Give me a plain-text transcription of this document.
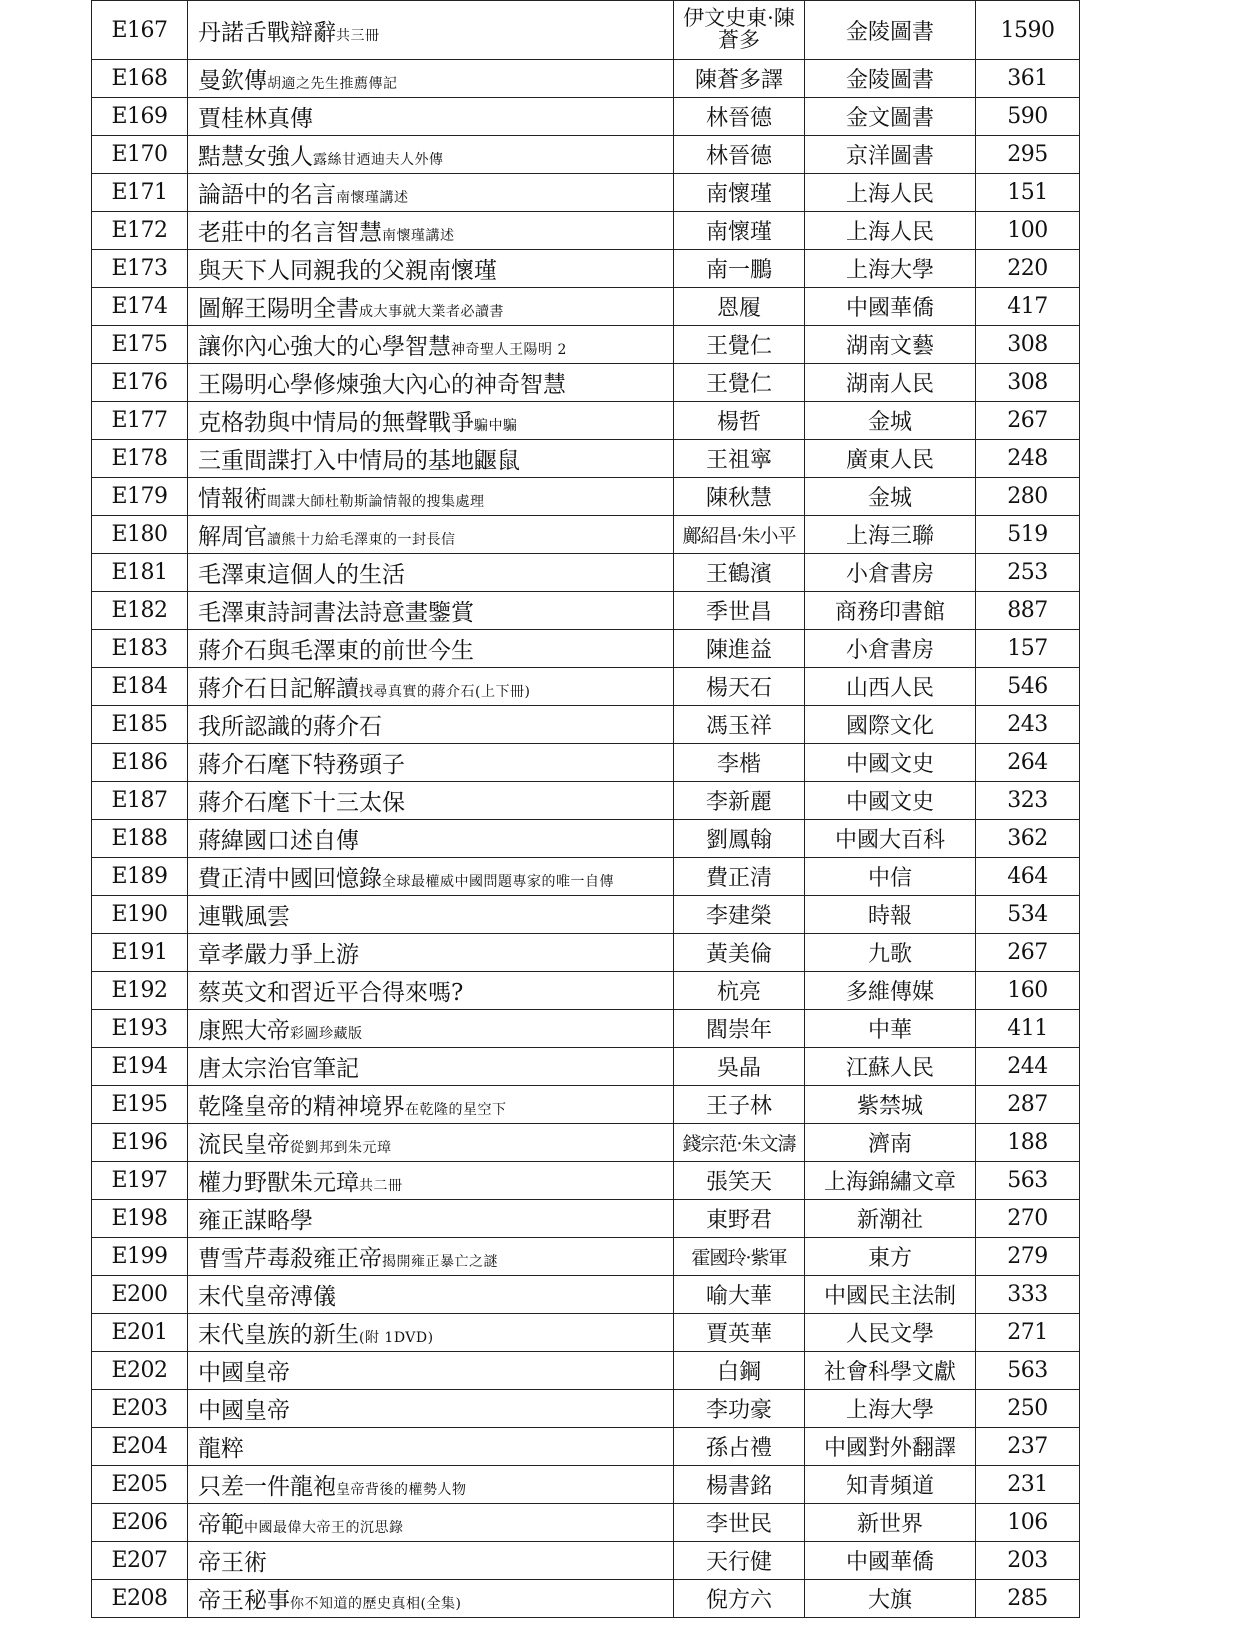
E167	丹諾舌戰辯辭共三冊	伊文史東·陳蒼多	金陵圖書	1590
E168	曼欽傳胡適之先生推薦傳記	陳蒼多譯	金陵圖書	361
E169	賈桂林真傳	林晉德	金文圖書	590
E170	黠慧女強人露絲甘迺迪夫人外傳	林晉德	京洋圖書	295
E171	論語中的名言南懷瑾講述	南懷瑾	上海人民	151
E172	老莊中的名言智慧南懷瑾講述	南懷瑾	上海人民	100
E173	與天下人同親我的父親南懷瑾	南一鵬	上海大學	220
E174	圖解王陽明全書成大事就大業者必讀書	恩履	中國華僑	417
E175	讓你內心強大的心學智慧神奇聖人王陽明 2	王覺仁	湖南文藝	308
E176	王陽明心學修煉強大內心的神奇智慧	王覺仁	湖南人民	308
E177	克格勃與中情局的無聲戰爭騙中騙	楊哲	金城	267
E178	三重間諜打入中情局的基地鼴鼠	王祖寧	廣東人民	248
E179	情報術間諜大師杜勒斯論情報的搜集處理	陳秋慧	金城	280
E180	解周官讀熊十力給毛澤東的一封長信	鄺紹昌·朱小平	上海三聯	519
E181	毛澤東這個人的生活	王鶴濱	小倉書房	253
E182	毛澤東詩詞書法詩意畫鑒賞	季世昌	商務印書館	887
E183	蔣介石與毛澤東的前世今生	陳進益	小倉書房	157
E184	蔣介石日記解讀找尋真實的蔣介石(上下冊)	楊天石	山西人民	546
E185	我所認識的蔣介石	馮玉祥	國際文化	243
E186	蔣介石麾下特務頭子	李楷	中國文史	264
E187	蔣介石麾下十三太保	李新麗	中國文史	323
E188	蔣緯國口述自傳	劉鳳翰	中國大百科	362
E189	費正清中國回憶錄全球最權威中國問題專家的唯一自傳	費正清	中信	464
E190	連戰風雲	李建榮	時報	534
E191	章孝嚴力爭上游	黃美倫	九歌	267
E192	蔡英文和習近平合得來嗎?	杭亮	多維傳媒	160
E193	康熙大帝彩圖珍藏版	閻崇年	中華	411
E194	唐太宗治官筆記	吳晶	江蘇人民	244
E195	乾隆皇帝的精神境界在乾隆的星空下	王子林	紫禁城	287
E196	流民皇帝從劉邦到朱元璋	錢宗范·朱文濤	濟南	188
E197	權力野獸朱元璋共二冊	張笑天	上海錦繡文章	563
E198	雍正謀略學	東野君	新潮社	270
E199	曹雪芹毒殺雍正帝揭開雍正暴亡之謎	霍國玲·紫軍	東方	279
E200	末代皇帝溥儀	喻大華	中國民主法制	333
E201	末代皇族的新生(附 1DVD)	賈英華	人民文學	271
E202	中國皇帝	白鋼	社會科學文獻	563
E203	中國皇帝	李功豪	上海大學	250
E204	龍粹	孫占禮	中國對外翻譯	237
E205	只差一件龍袍皇帝背後的權勢人物	楊書銘	知青頻道	231
E206	帝範中國最偉大帝王的沉思錄	李世民	新世界	106
E207	帝王術	天行健	中國華僑	203
E208	帝王秘事你不知道的歷史真相(全集)	倪方六	大旗	285
